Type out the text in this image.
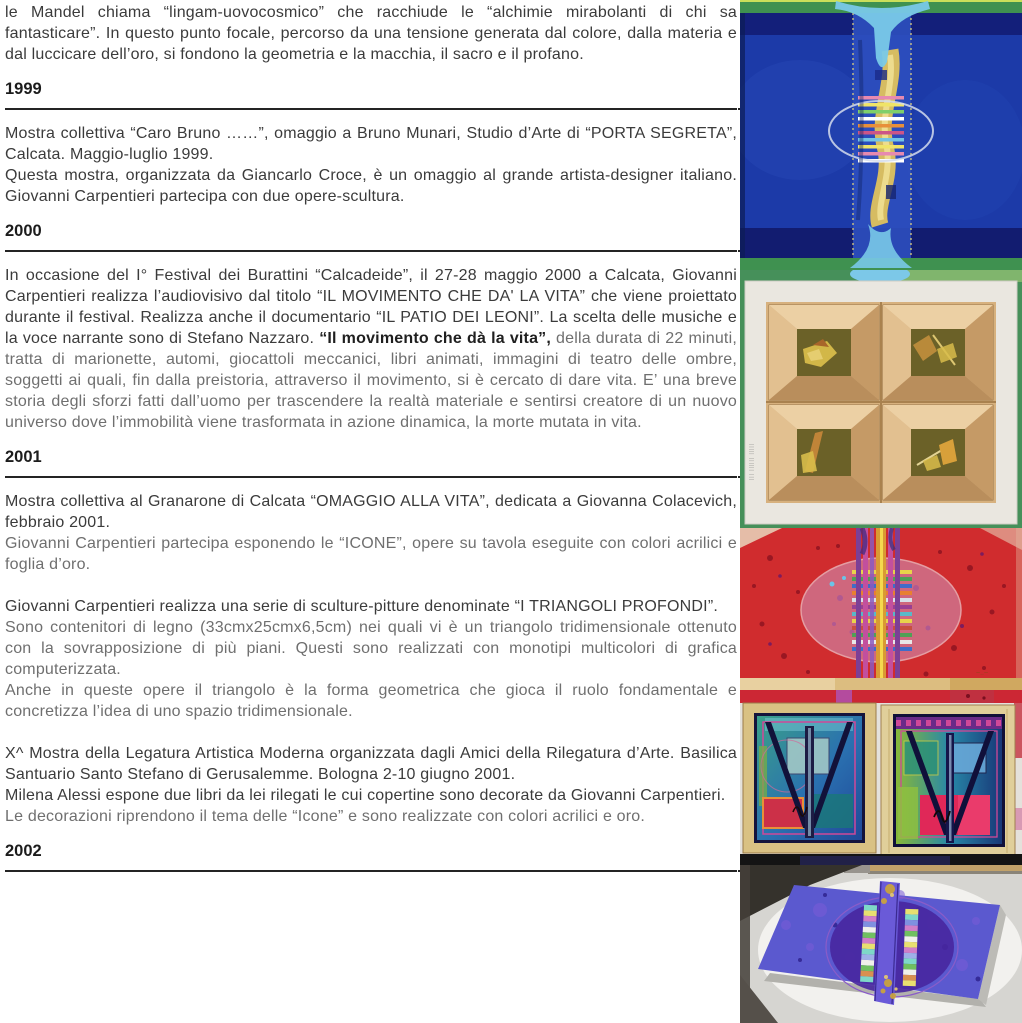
le Mandel chiama “lingam-uovocosmico” che racchiude le “alchimie mirabolanti di chi sa fantasticare”. In questo punto focale, percorso da una tensione generata dal colore, dalla materia e dal luccicare dell’oro, si fondono la geometria e la macchia, il sacro e il profano.

1999

Mostra collettiva “Caro Bruno ……”, omaggio a Bruno Munari, Studio d’Arte di “PORTA SEGRETA”, Calcata. Maggio-luglio 1999.

Questa mostra, organizzata da Giancarlo Croce, è un omaggio al grande artista-designer italiano. Giovanni Carpentieri partecipa con due opere-scultura.

2000

In occasione del I° Festival dei Burattini “Calcadeide”, il 27-28 maggio 2000 a Calcata, Giovanni Carpentieri realizza l’audiovisivo dal titolo “IL MOVIMENTO CHE DA' LA VITA” che viene proiettato durante il festival. Realizza anche il documentario “IL PATIO DEI LEONI”. La scelta delle musiche e la voce narrante sono di Stefano Nazzaro. “Il movimento che dà la vita”, della durata di 22 minuti, tratta di marionette, automi, giocattoli meccanici, libri animati, immagini di teatro delle ombre, soggetti ai quali, fin dalla preistoria, attraverso il movimento, si è cercato di dare vita. E’ una breve storia degli sforzi fatti dall’uomo per trascendere la realtà materiale e sentirsi creatore di un nuovo universo dove l’immobilità viene trasformata in azione dinamica, la morte mutata in vita.

2001

Mostra collettiva al Granarone di Calcata “OMAGGIO ALLA VITA”, dedicata a Giovanna Colacevich, febbraio 2001.

Giovanni Carpentieri partecipa esponendo le “ICONE”, opere su tavola eseguite con colori acrilici e foglia d’oro.

Giovanni Carpentieri realizza una serie di sculture-pitture denominate “I TRIANGOLI PROFONDI”.

Sono contenitori di legno (33cmx25cmx6,5cm) nei quali vi è un triangolo tridimensionale ottenuto con la sovrapposizione di più piani. Questi sono realizzati con monotipi multicolori di grafica computerizzata.

Anche in queste opere il triangolo è la forma geometrica che gioca il ruolo fondamentale e concretizza l’idea di uno spazio tridimensionale.

X^ Mostra della Legatura Artistica Moderna organizzata dagli Amici della Rilegatura d’Arte. Basilica Santuario Santo Stefano di Gerusalemme. Bologna 2-10 giugno 2001.

Milena Alessi espone due libri da lei rilegati le cui copertine sono decorate da Giovanni Carpentieri.

Le decorazioni riprendono il tema delle “Icone” e sono realizzate con colori acrilici e oro.

2002
||| |||||| |||||
~..~
